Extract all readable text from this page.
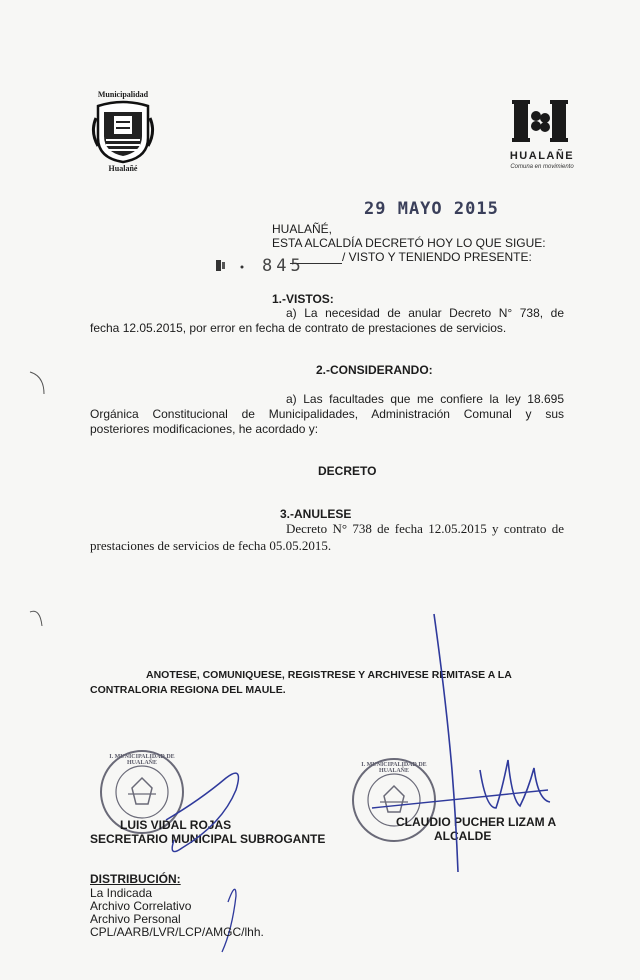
Municipalidad
Hualañé
HUALAÑE
Comuna en movimiento
29 MAYO 2015
HUALAÑÉ,
ESTA ALCALDÍA DECRETÓ HOY LO QUE SIGUE:
845	/ VISTO Y TENIENDO PRESENTE:
1.-VISTOS:
a) La necesidad de anular Decreto N° 738, de
fecha 12.05.2015, por error en fecha de contrato de prestaciones de servicios.
2.-CONSIDERANDO:
a) Las facultades que me confiere la ley 18.695
Orgánica Constitucional de Municipalidades, Administración Comunal y sus
posteriores modificaciones, he acordado y:
DECRETO
3.-ANULESE
Decreto N° 738 de fecha 12.05.2015 y contrato de
prestaciones de servicios de fecha 05.05.2015.
ANOTESE, COMUNIQUESE, REGISTRESE Y ARCHIVESE REMITASE A LA
CONTRALORIA REGIONA DEL MAULE.
I. MUNICIPALIDAD DE HUALAÑE	I. MUNICIPALIDAD DE HUALAÑE
LUIS VIDAL ROJAS
SECRETARIO MUNICIPAL SUBROGANTE
CLAUDIO PUCHER LIZAM A
ALCALDE
DISTRIBUCIÓN:
La Indicada
Archivo Correlativo
Archivo Personal
CPL/AARB/LVR/LCP/AMGC/lhh.
